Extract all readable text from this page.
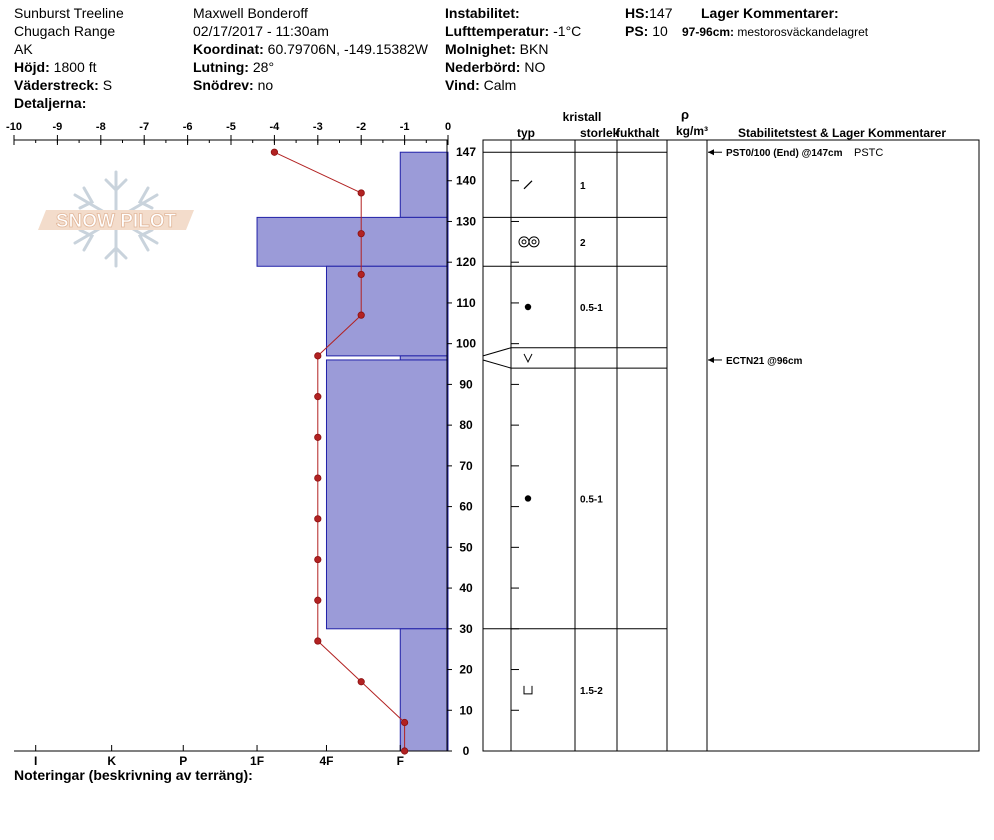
Sunburst Treeline
Chugach Range
AK
Höjd: 1800 ft
Väderstreck: S
Detaljerna:
Maxwell Bonderoff
02/17/2017 - 11:30am
Koordinat: 60.79706N, -149.15382W
Lutning: 28°
Snödrev: no
Instabilitet:
Lufttemperatur: -1°C
Molnighet: BKN
Nederbörd: NO
Vind: Calm
HS:147
PS: 10
Lager Kommentarer:
97-96cm: mestorosväckandelagret
SNOW PILOT
-10	-9	-8	-7	-6	-5	-4	-3	-2	-1	0
I	K	P	1F	4F	F
0
10
20
30
40
50
60
70
80
90
100
110
120
130
140
147
1
2
0.5-1
0.5-1
1.5-2
PST0/100 (End) @147cm PSTC
ECTN21 @96cm
kristall
typ	storlek
fukthalt
ρ
kg/m³ Stabilitetstest & Lager Kommentarer
Noteringar (beskrivning av terräng):
